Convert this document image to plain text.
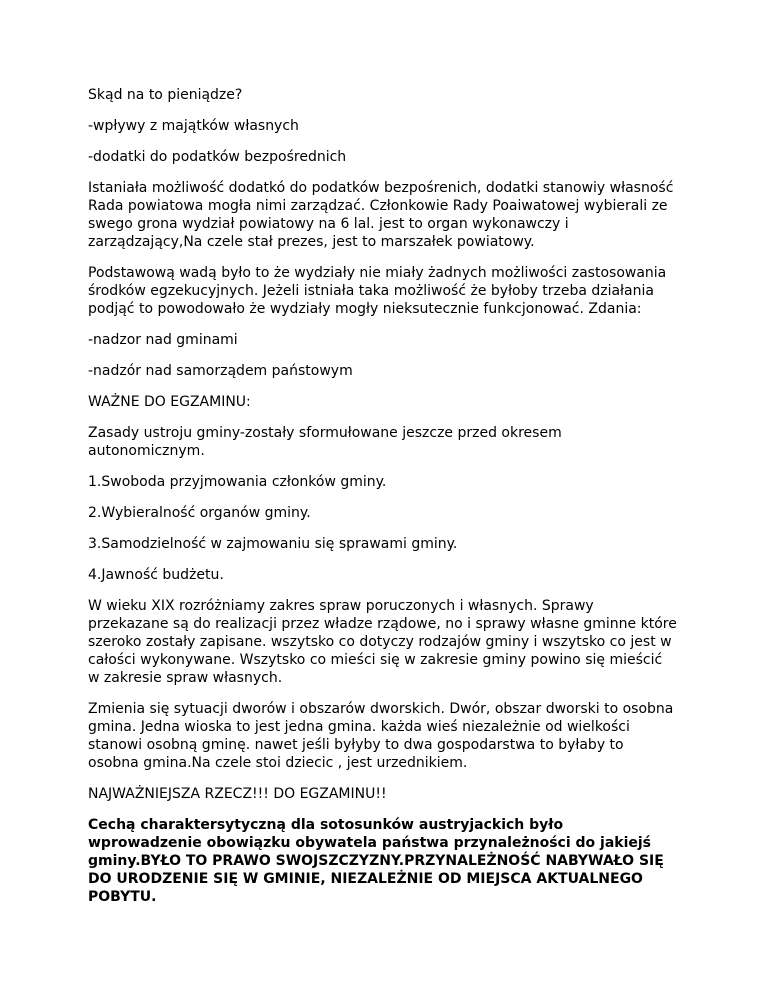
Skąd na to pieniądze?

-wpływy z majątków własnych

-dodatki do podatków bezpośrednich

Istaniała możliwość dodatkó do podatków bezpośrenich, dodatki stanowiy własność Rada powiatowa mogła nimi zarządzać. Członkowie Rady Poaiwatowej wybierali ze swego grona wydział powiatowy na 6 lal. jest to organ wykonawczy i zarządzający,Na czele stał prezes, jest to marszałek powiatowy.

Podstawową wadą było to że wydziały nie miały żadnych możliwości zastosowania środków egzekucyjnych. Jeżeli istniała taka możliwość że byłoby trzeba działania podjąć to powodowało że wydziały mogły nieksutecznie funkcjonować. Zdania:

-nadzor nad gminami

-nadzór nad samorządem państowym

WAŻNE DO EGZAMINU:

Zasady ustroju gminy-zostały sformułowane jeszcze przed okresem autonomicznym.

1.Swoboda przyjmowania członków gminy.

2.Wybieralność organów gminy.

3.Samodzielność w zajmowaniu się sprawami gminy.

4.Jawność budżetu.

W wieku XIX rozróżniamy zakres spraw poruczonych i własnych. Sprawy przekazane są do realizacji przez władze rządowe, no i sprawy własne gminne które szeroko zostały zapisane. wszytsko co dotyczy rodzajów gminy i wszytsko co jest w całości wykonywane. Wszytsko co mieści się w zakresie gminy powino się mieścić w zakresie spraw własnych.

Zmienia się sytuacji dworów i obszarów dworskich. Dwór, obszar dworski to osobna gmina. Jedna wioska to jest jedna gmina. każda wieś niezależnie od wielkości stanowi osobną gminę. nawet jeśli byłyby to dwa gospodarstwa to byłaby to osobna gmina.Na czele stoi dziecic , jest urzednikiem.

NAJWAŻNIEJSZA RZECZ!!! DO EGZAMINU!!

Cechą charaktersytyczną dla sotosunków austryjackich było wprowadzenie obowiązku obywatela państwa przynależności do jakiejś gminy.BYŁO TO PRAWO SWOJSZCZYZNY.PRZYNALEŻNOŚĆ NABYWAŁO SIĘ DO URODZENIE SIĘ W GMINIE, NIEZALEŻNIE OD MIEJSCA AKTUALNEGO POBYTU.
